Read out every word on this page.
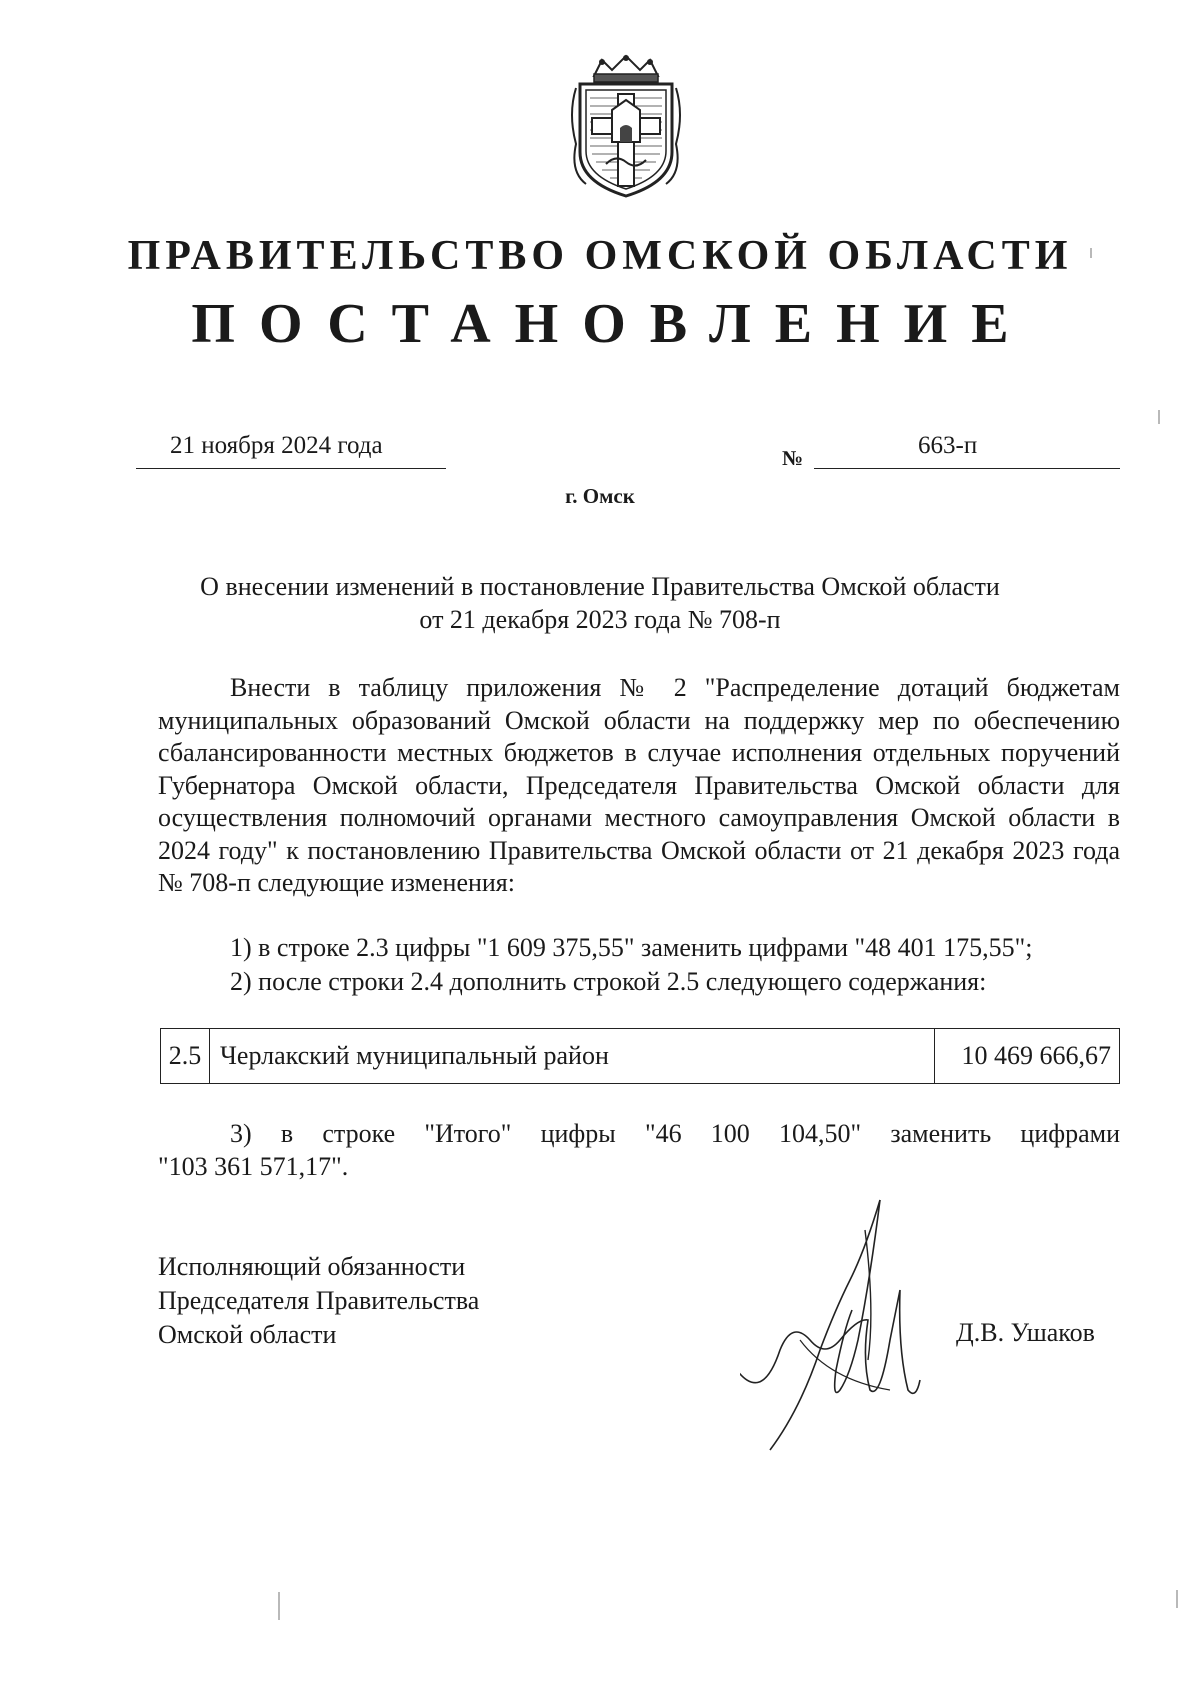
ПРАВИТЕЛЬСТВО ОМСКОЙ ОБЛАСТИ
ПОСТАНОВЛЕНИЕ
21 ноября 2024 года	№	663-п
г. Омск
О внесении изменений в постановление Правительства Омской области
от 21 декабря 2023 года № 708-п
Внести в таблицу приложения № 2 "Распределение дотаций бюджетам муниципальных образований Омской области на поддержку мер по обеспечению сбалансированности местных бюджетов в случае исполнения отдельных поручений Губернатора Омской области, Председателя Правительства Омской области для осуществления полномочий органами местного самоуправления Омской области в 2024 году" к постановлению Правительства Омской области от 21 декабря 2023 года № 708-п следующие изменения:
1) в строке 2.3 цифры "1 609 375,55" заменить цифрами "48 401 175,55";
2) после строки 2.4 дополнить строкой 2.5 следующего содержания:
2.5	Черлакский муниципальный район	10 469 666,67
3) в строке "Итого" цифры "46 100 104,50" заменить цифрами
"103 361 571,17".
Исполняющий обязанности
Председателя Правительства
Омской области	Д.В. Ушаков
